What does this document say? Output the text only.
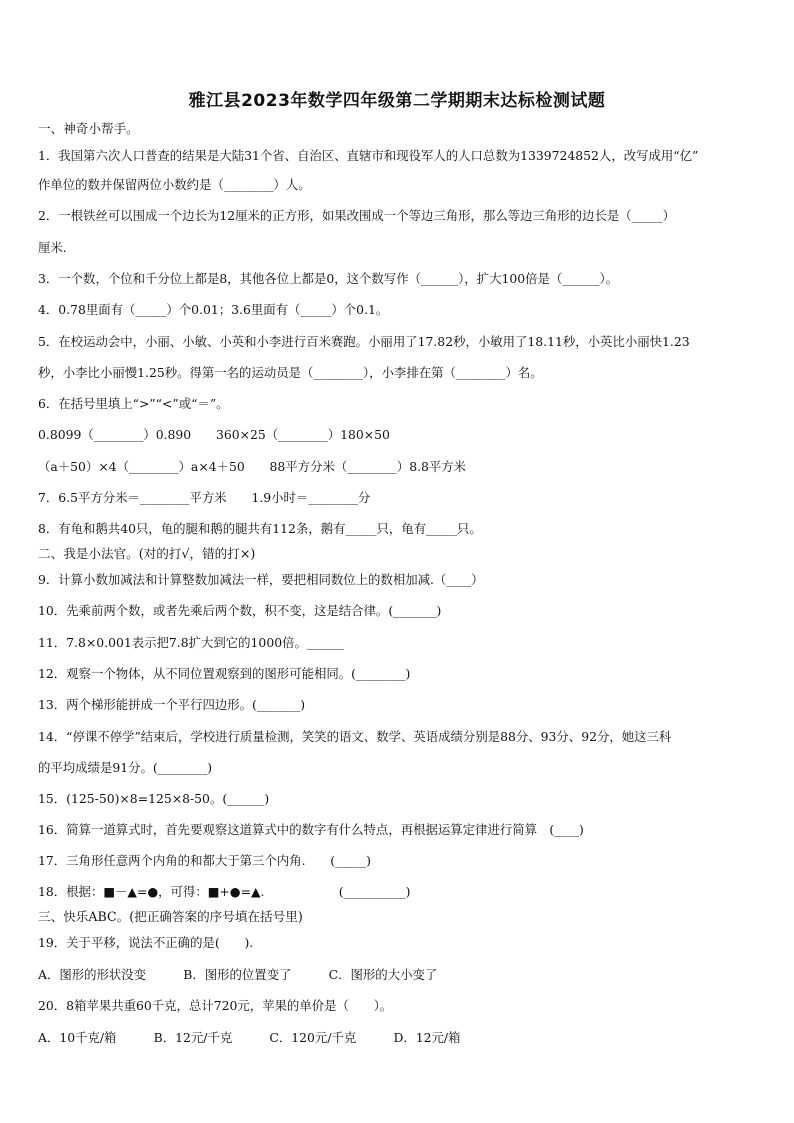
雅江县2023年数学四年级第二学期期末达标检测试题
一、神奇小帮手。
1．我国第六次人口普查的结果是大陆31个省、自治区、直辖市和现役军人的人口总数为1339724852人，改写成用“亿”
作单位的数并保留两位小数约是（________）人。
2．一根铁丝可以围成一个边长为12厘米的正方形，如果改围成一个等边三角形，那么等边三角形的边长是（_____）
厘米.
3．一个数，个位和千分位上都是8，其他各位上都是0，这个数写作（______），扩大100倍是（______）。
4．0.78里面有（_____）个0.01；3.6里面有（_____）个0.1。
5．在校运动会中，小丽、小敏、小英和小李进行百米赛跑。小丽用了17.82秒，小敏用了18.11秒，小英比小丽快1.23
秒，小李比小丽慢1.25秒。得第一名的运动员是（________），小李排在第（________）名。
6．在括号里填上“>”“<”或“＝”。
0.8099（________）0.890　　360×25（________）180×50
（a＋50）×4（________）a×4＋50　　88平方分米（________）8.8平方米
7．6.5平方分米＝________平方米　　1.9小时＝________分
8．有龟和鹅共40只，龟的腿和鹅的腿共有112条，鹅有_____只，龟有_____只。
二、我是小法官。(对的打√，错的打×)
9．计算小数加减法和计算整数加减法一样，要把相同数位上的数相加减.（____）
10．先乘前两个数，或者先乘后两个数，积不变，这是结合律。(_______)
11．7.8×0.001表示把7.8扩大到它的1000倍。______
12．观察一个物体，从不同位置观察到的图形可能相同。(________)
13．两个梯形能拼成一个平行四边形。(_______)
14．“停课不停学”结束后，学校进行质量检测，笑笑的语文、数学、英语成绩分别是88分、93分、92分，她这三科
的平均成绩是91分。(________)
15．(125-50)×8=125×8-50。(______)
16．简算一道算式时，首先要观察这道算式中的数字有什么特点，再根据运算定律进行简算　(____)
17．三角形任意两个内角的和都大于第三个内角.　　(_____)
18．根据：■－▲=●，可得：■+●=▲.　　　　　　(__________)
三、快乐ABC。(把正确答案的序号填在括号里)
19．关于平移，说法不正确的是(　　).
A．图形的形状没变　　　B．图形的位置变了　　　C．图形的大小变了
20．8箱苹果共重60千克，总计720元，苹果的单价是（　　）。
A．10千克/箱　　　B．12元/千克　　　C．120元/千克　　　D．12元/箱
